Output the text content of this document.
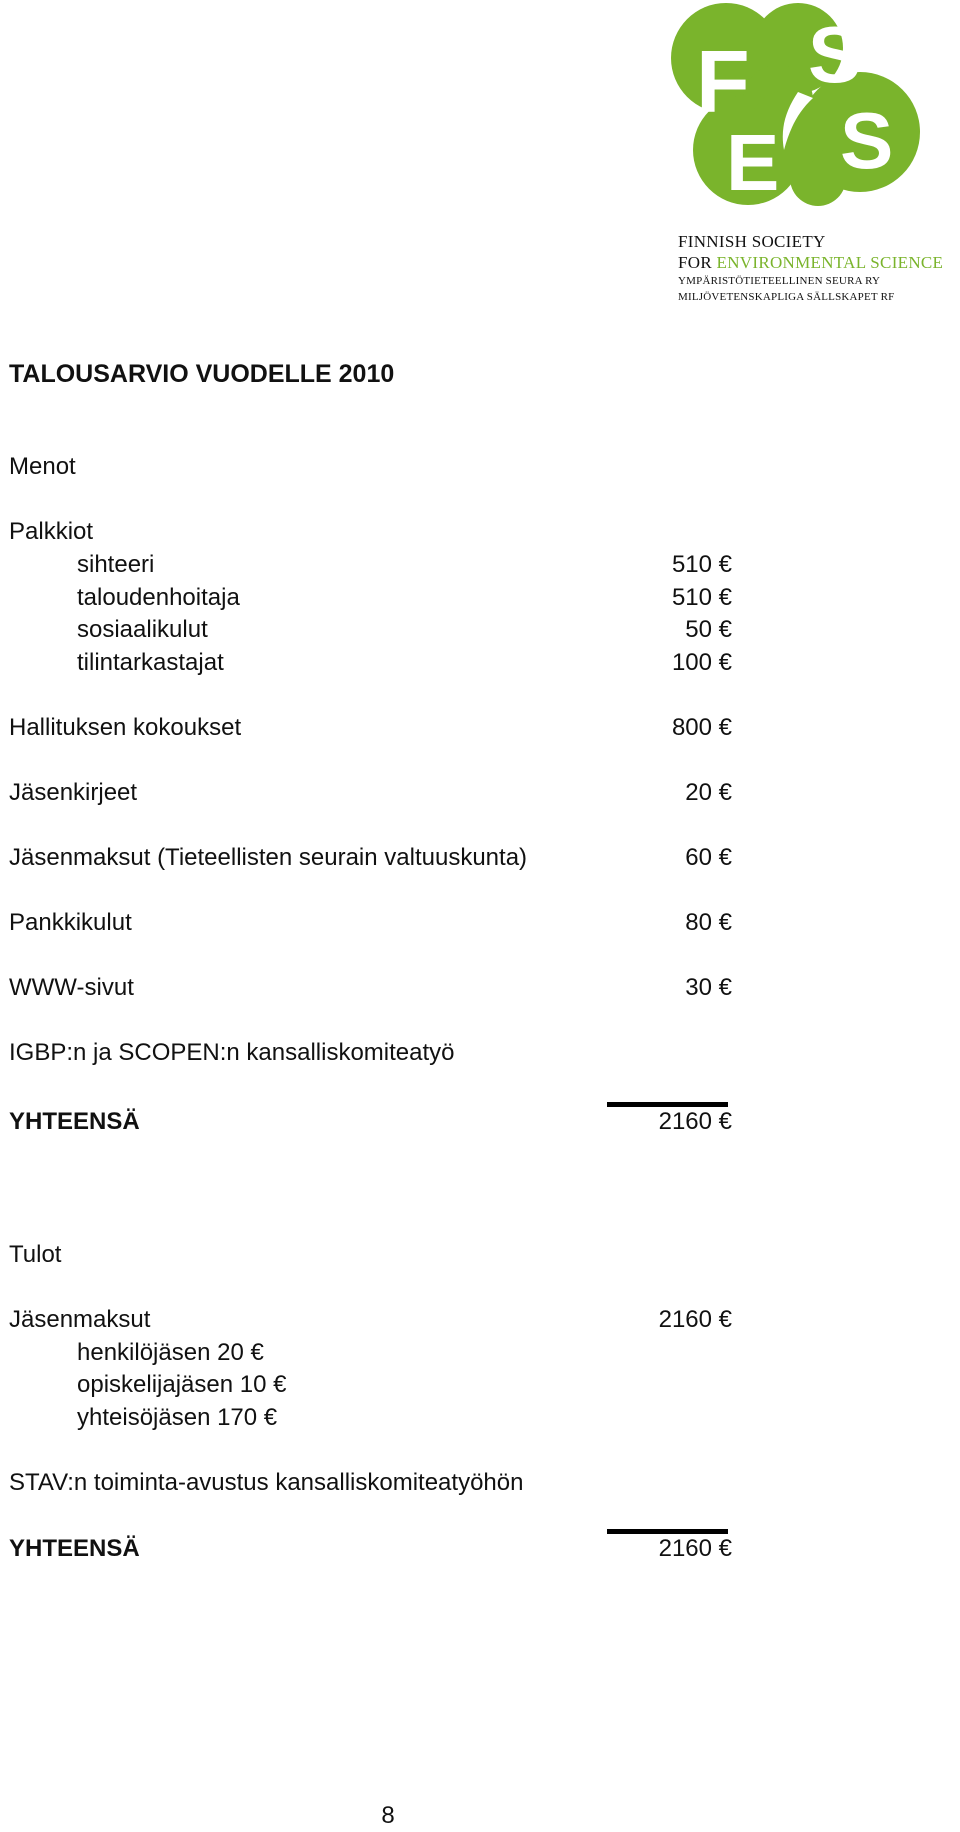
F S
E S
FINNISH SOCIETY
FOR ENVIRONMENTAL SCIENCE
YMPÄRISTÖTIETEELLINEN SEURA RY
MILJÖVETENSKAPLIGA SÄLLSKAPET RF
TALOUSARVIO VUODELLE 2010
Menot
Palkkiot
sihteeri	510 €
taloudenhoitaja	510 €
sosiaalikulut	50 €
tilintarkastajat	100 €
Hallituksen kokoukset	800 €
Jäsenkirjeet	20 €
Jäsenmaksut (Tieteellisten seurain valtuuskunta)	60 €
Pankkikulut	80 €
WWW-sivut	30 €
IGBP:n ja SCOPEN:n kansalliskomiteatyö
YHTEENSÄ	2160 €
Tulot
Jäsenmaksut	2160 €
henkilöjäsen 20 €
opiskelijajäsen 10 €
yhteisöjäsen 170 €
STAV:n toiminta-avustus kansalliskomiteatyöhön
YHTEENSÄ	2160 €
8
